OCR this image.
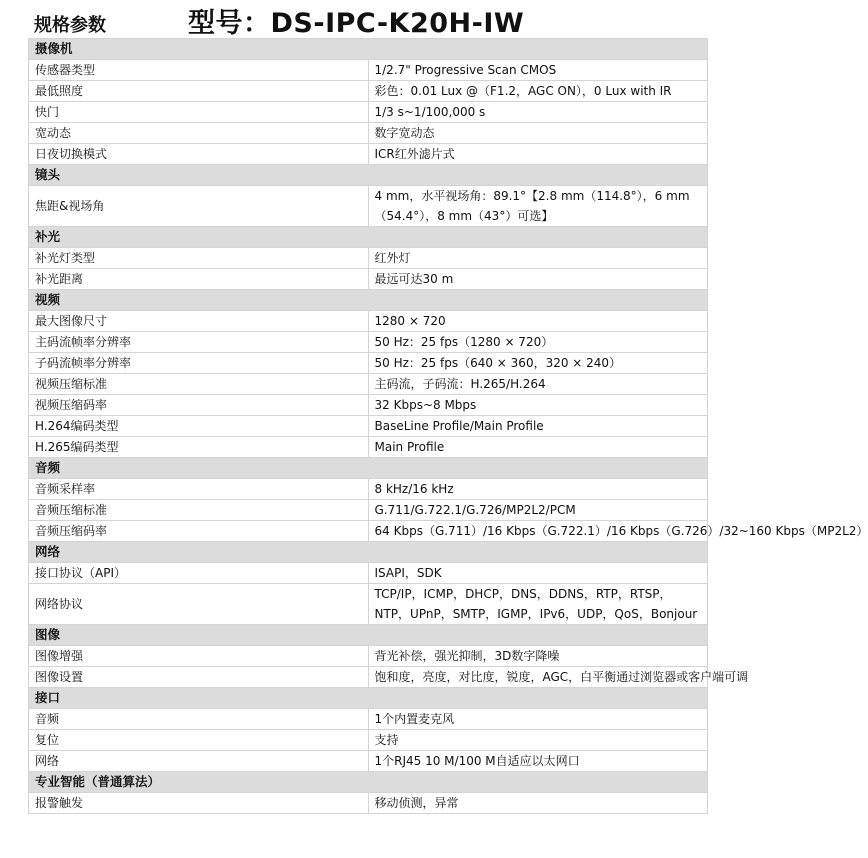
规格参数	型号：DS-IPC-K20H-IW
摄像机	
传感器类型	1/2.7" Progressive Scan CMOS
最低照度	彩色：0.01 Lux @（F1.2，AGC ON），0 Lux with IR
快门	1/3 s~1/100,000 s
宽动态	数字宽动态
日夜切换模式	ICR红外滤片式
镜头	
焦距&视场角	4 mm，水平视场角：89.1°【2.8 mm（114.8°），6 mm（54.4°），8 mm（43°）可选】
补光	
补光灯类型	红外灯
补光距离	最远可达30 m
视频	
最大图像尺寸	1280 × 720
主码流帧率分辨率	50 Hz：25 fps（1280 × 720）
子码流帧率分辨率	50 Hz：25 fps（640 × 360，320 × 240）
视频压缩标准	主码流，子码流：H.265/H.264
视频压缩码率	32 Kbps~8 Mbps
H.264编码类型	BaseLine Profile/Main Profile
H.265编码类型	Main Profile
音频	
音频采样率	8 kHz/16 kHz
音频压缩标准	G.711/G.722.1/G.726/MP2L2/PCM
音频压缩码率	64 Kbps（G.711）/16 Kbps（G.722.1）/16 Kbps（G.726）/32~160 Kbps（MP2L2）
网络	
接口协议（API）	ISAPI，SDK
网络协议	TCP/IP，ICMP，DHCP，DNS，DDNS，RTP，RTSP，NTP，UPnP，SMTP，IGMP，IPv6，UDP，QoS，Bonjour
图像	
图像增强	背光补偿，强光抑制，3D数字降噪
图像设置	饱和度，亮度，对比度，锐度，AGC，白平衡通过浏览器或客户端可调
接口	
音频	1个内置麦克风
复位	支持
网络	1个RJ45 10 M/100 M自适应以太网口
专业智能（普通算法）	
报警触发	移动侦测，异常
